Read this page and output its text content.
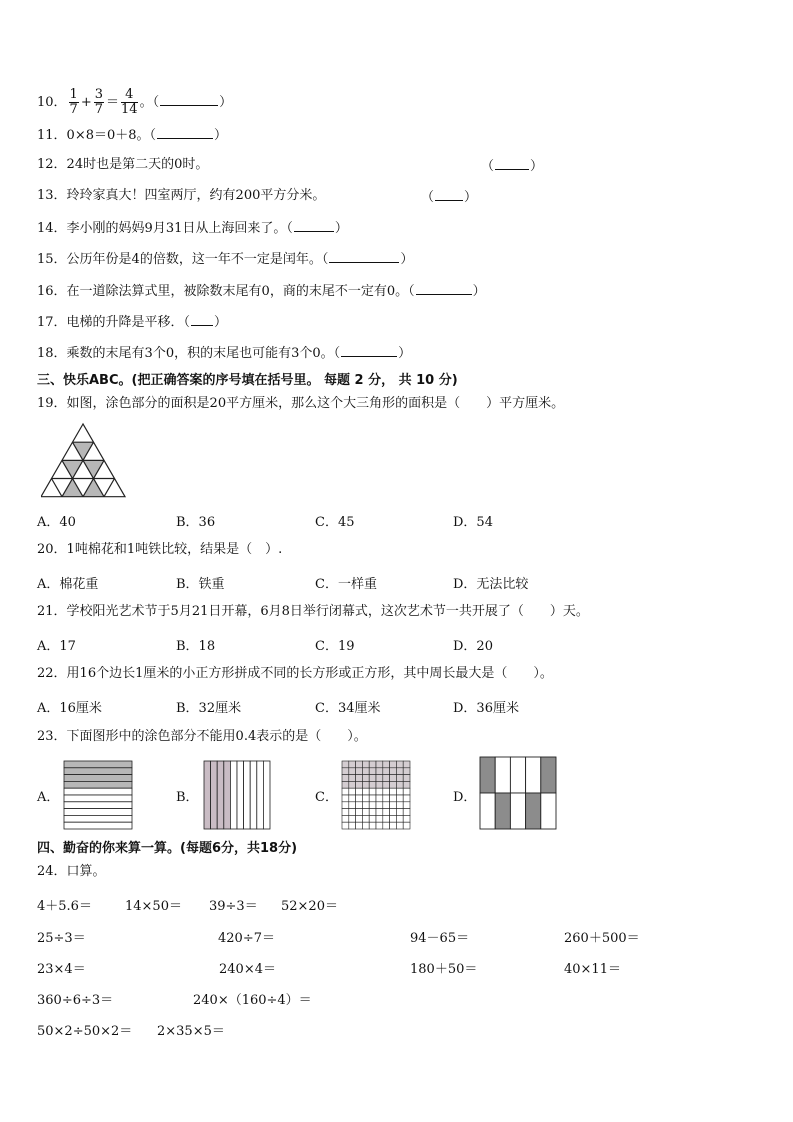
10． $\frac{1}{7} + \frac{3}{7} = \frac{4}{14}$ 。（	）
11．0×8＝0＋8。（	）
12．24时也是第二天的0时。	（	）
13．玲玲家真大！四室两厅，约有200平方分米。	（ ）
14．李小刚的妈妈9月31日从上海回来了。（	）
15．公历年份是4的倍数，这一年不一定是闰年。（	）
16．在一道除法算式里，被除数末尾有0，商的末尾不一定有0。（	）
17．电梯的升降是平移．（ ）
18．乘数的末尾有3个0，积的末尾也可能有3个0。（	）
三、快乐ABC。(把正确答案的序号填在括号里。 每题 2 分， 共 10 分)
19．如图，涂色部分的面积是20平方厘米，那么这个大三角形的面积是（　　）平方厘米。
A．40	B．36	C．45	D．54
20．1吨棉花和1吨铁比较，结果是（　）.
A．棉花重	B．铁重	C．一样重	D．无法比较
21．学校阳光艺术节于5月21日开幕，6月8日举行闭幕式，这次艺术节一共开展了（　　）天。
A．17	B．18	C．19	D．20
22．用16个边长1厘米的小正方形拼成不同的长方形或正方形，其中周长最大是（　　）。
A．16厘米	B．32厘米	C．34厘米	D．36厘米
23．下面图形中的涂色部分不能用0.4表示的是（　　）。
A．	B．	C．	D．
四、勤奋的你来算一算。(每题6分，共18分)
24．口算。
4＋5.6＝	14×50＝ 39÷3＝ 52×20＝
25÷3＝	420÷7＝	94－65＝	260＋500＝
23×4＝	240×4＝	180＋50＝	40×11＝
360÷6÷3＝	240×（160÷4）＝
50×2÷50×2＝ 2×35×5＝
